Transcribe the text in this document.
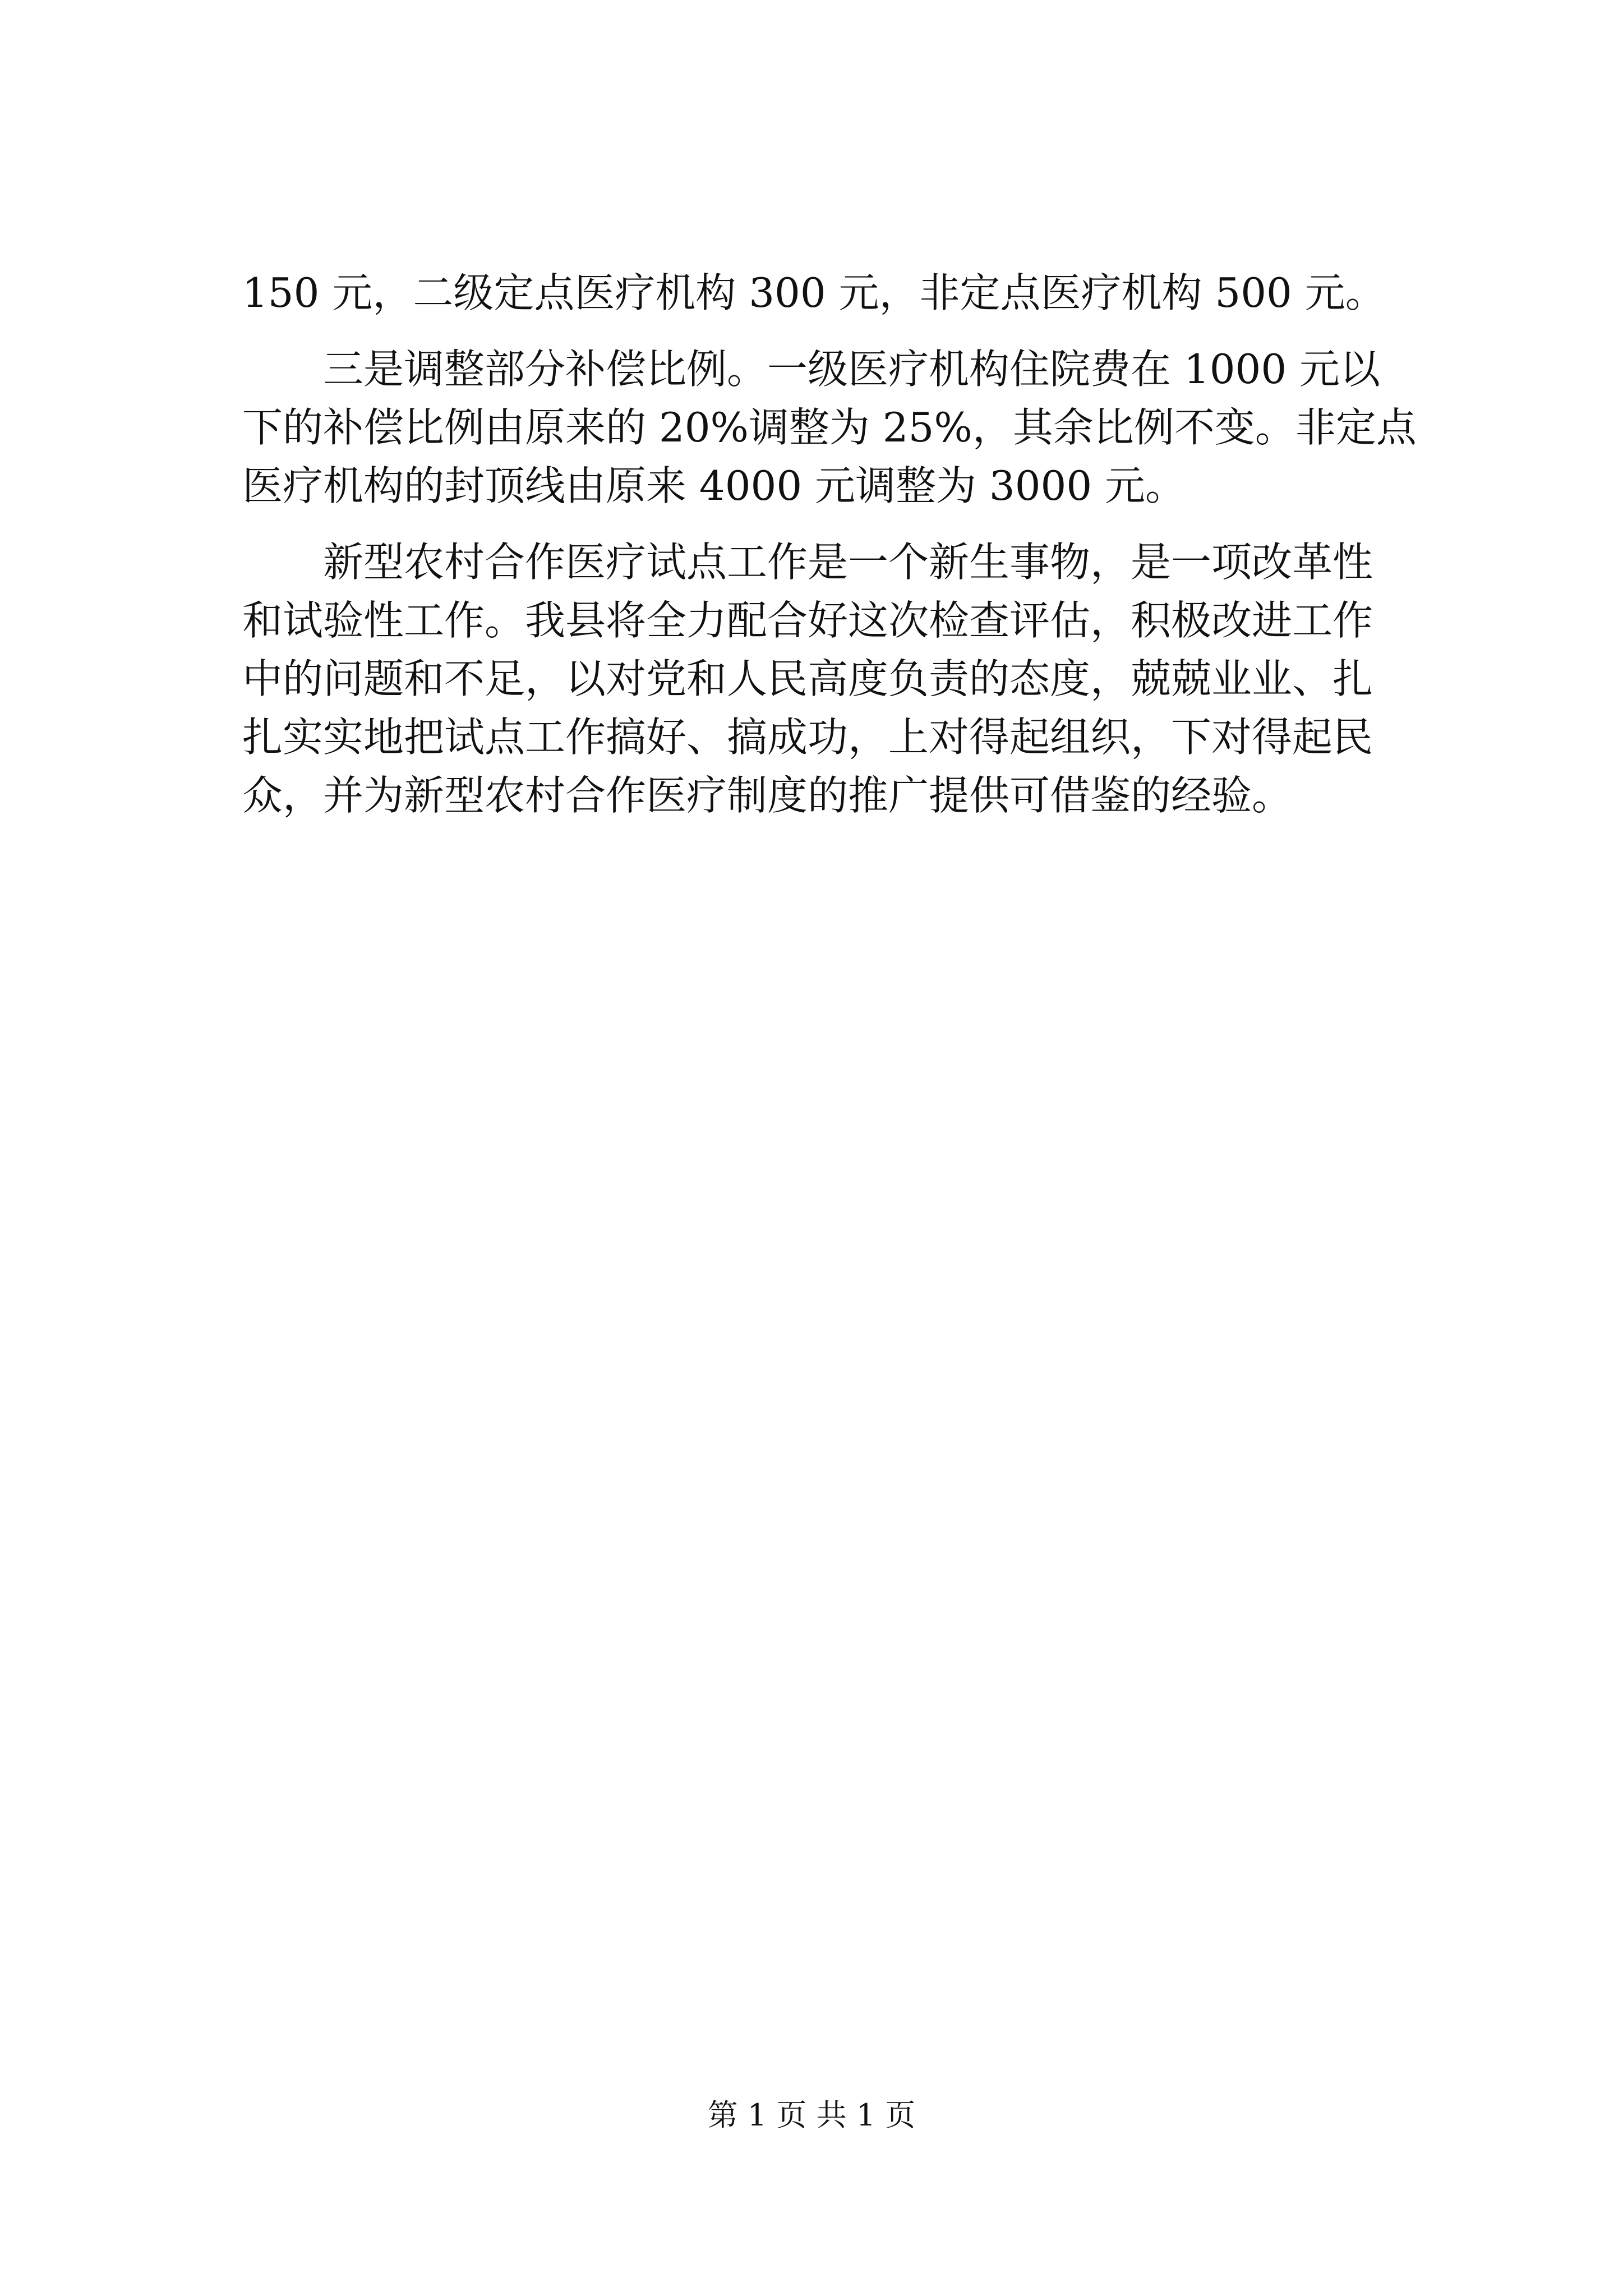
150 元，二级定点医疗机构 300 元，非定点医疗机构 500 元。
三是调整部分补偿比例。一级医疗机构住院费在 1000 元以
下的补偿比例由原来的 20%调整为 25%，其余比例不变。非定点
医疗机构的封顶线由原来 4000 元调整为 3000 元。
新型农村合作医疗试点工作是一个新生事物，是一项改革性
和试验性工作。我县将全力配合好这次检查评估，积极改进工作
中的问题和不足，以对党和人民高度负责的态度，兢兢业业、扎
扎实实地把试点工作搞好、搞成功，上对得起组织，下对得起民
众，并为新型农村合作医疗制度的推广提供可借鉴的经验。
第 1 页 共 1 页
